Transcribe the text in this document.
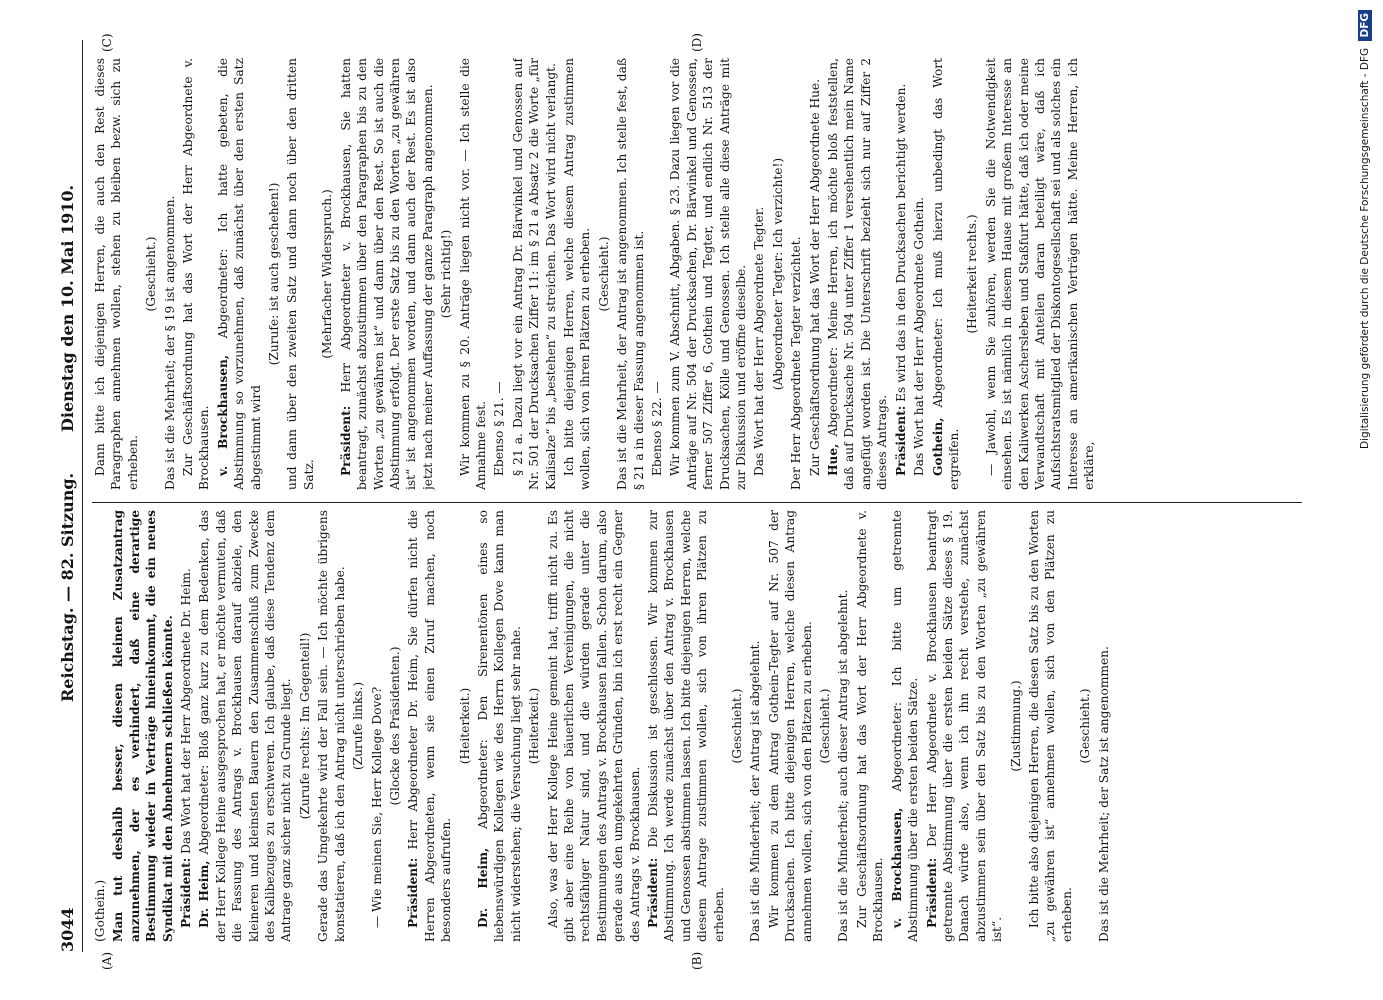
3044
Reichstag. — 82. Sitzung.
Dienstag den 10. Mai 1910.
(A)	(B)
(C)	(D)

(Gothein.) Man tut deshalb besser, diesen kleinen Zusatzantrag anzunehmen, der es verhindert, daß eine derartige Bestimmung wieder in Verträge hineinkommt, die ein neues Syndikat mit den Abnehmern schließen könnte. Präsident: Das Wort hat der Herr Abgeordnete Dr. Heim.

Dr. Heim, Abgeordneter: Bloß ganz kurz zu dem Bedenken, das der Herr Kollege Heine ausgesprochen hat, er möchte vermuten, daß die Fassung des Antrags v. Brockhausen darauf abziele, den kleineren und kleinsten Bauern den Zusammenschluß zum Zwecke des Kalibezuges zu erschweren. Ich glaube, daß diese Tendenz dem Antrage ganz sicher nicht zu Grunde liegt. (Zurufe rechts: Im Gegenteil!) Gerade das Umgekehrte wird der Fall sein. — Ich möchte übrigens konstatieren, daß ich den Antrag nicht unterschrieben habe. (Zurufe links.) — Wie meinen Sie, Herr Kollege Dove? (Glocke des Präsidenten.)

Präsident: Herr Abgeordneter Dr. Heim, Sie dürfen nicht die Herren Abgeordneten, wenn sie einen Zuruf machen, noch besonders aufrufen.

(Heiterkeit.)

Dr. Heim, Abgeordneter: Den Sirenentönen eines so liebenswürdigen Kollegen wie des Herrn Kollegen Dove kann man nicht widerstehen; die Versuchung liegt sehr nahe. (Heiterkeit.) Also, was der Herr Kollege Heine gemeint hat, trifft nicht zu. Es gibt aber eine Reihe von bäuerlichen Vereinigungen, die nicht rechtsfähiger Natur sind, und die würden gerade unter die Bestimmungen des Antrags v. Brockhausen fallen. Schon darum, also gerade aus den umgekehrten Gründen, bin ich erst recht ein Gegner des Antrags v. Brockhausen. Präsident: Die Diskussion ist geschlossen. Wir kommen zur Abstimmung. Ich werde zunächst über den Antrag v. Brockhausen und Genossen abstimmen lassen. Ich bitte diejenigen Herren, welche diesem Antrage zustimmen wollen, sich von ihren Plätzen zu erheben.

(Geschieht.) Das ist die Minderheit; der Antrag ist abgelehnt. Wir kommen zu dem Antrag Gothein-Tegter auf Nr. 507 der Drucksachen. Ich bitte diejenigen Herren, welche diesen Antrag annehmen wollen, sich von den Plätzen zu erheben. (Geschieht.) Das ist die Minderheit; auch dieser Antrag ist abgelehnt. Zur Geschäftsordnung hat das Wort der Herr Abgeordnete v. Brockhausen. v. Brockhausen, Abgeordneter: Ich bitte um getrennte Abstimmung über die ersten beiden Sätze. Präsident: Der Herr Abgeordnete v. Brockhausen beantragt getrennte Abstimmung über die ersten beiden Sätze dieses § 19. Danach würde also, wenn ich ihn recht verstehe, zunächst abzustimmen sein über den Satz bis zu den Worten „zu gewähren ist“.

(Zustimmung.) Ich bitte also diejenigen Herren, die diesen Satz bis zu den Worten „zu gewähren ist“ annehmen wollen, sich von den Plätzen zu erheben.

(Geschieht.) Das ist die Mehrheit; der Satz ist angenommen.

Dann bitte ich diejenigen Herren, die auch den Rest dieses Paragraphen annehmen wollen, stehen zu bleiben bezw. sich zu erheben.

(Geschieht.) Das ist die Mehrheit; der § 19 ist angenommen. Zur Geschäftsordnung hat das Wort der Herr Abgeordnete v. Brockhausen. v. Brockhausen, Abgeordneter: Ich hatte gebeten, die Abstimmung so vorzunehmen, daß zunächst über den ersten Satz abgestimmt wird

(Zurufe: ist auch geschehen!) und dann über den zweiten Satz und dann noch über den dritten Satz.

(Mehrfacher Widerspruch.)

Präsident: Herr Abgeordneter v. Brockhausen, Sie hatten beantragt, zunächst abzustimmen über den Paragraphen bis zu den Worten „zu gewähren ist“ und dann über den Rest. So ist auch die Abstimmung erfolgt. Der erste Satz bis zu den Worten „zu gewähren ist“ ist angenommen worden, und dann auch der Rest. Es ist also jetzt nach meiner Auffassung der ganze Paragraph angenommen. (Sehr richtig!) Wir kommen zu § 20. Anträge liegen nicht vor. — Ich stelle die Annahme fest. Ebenso § 21. — § 21 a. Dazu liegt vor ein Antrag Dr. Bärwinkel und Genossen auf Nr. 501 der Drucksachen Ziffer 11: im § 21 a Absatz 2 die Worte „für Kalisalze“ bis „bestehen“ zu streichen. Das Wort wird nicht verlangt. Ich bitte diejenigen Herren, welche diesem Antrag zustimmen wollen, sich von ihren Plätzen zu erheben. (Geschieht.) Das ist die Mehrheit, der Antrag ist angenommen. Ich stelle fest, daß § 21 a in dieser Fassung angenommen ist. Ebenso § 22. — Wir kommen zum V. Abschnitt, Abgaben. § 23. Dazu liegen vor die Anträge auf Nr. 504 der Drucksachen, Dr. Bärwinkel und Genossen, ferner 507 Ziffer 6, Gothein und Tegter, und endlich Nr. 513 der Drucksachen, Kölle und Genossen. Ich stelle alle diese Anträge mit zur Diskussion und eröffne dieselbe. Das Wort hat der Herr Abgeordnete Tegter. (Abgeordneter Tegter: Ich verzichte!) Der Herr Abgeordnete Tegter verzichtet. Zur Geschäftsordnung hat das Wort der Herr Abgeordnete Hue. Hue, Abgeordneter: Meine Herren, ich möchte bloß feststellen, daß auf Drucksache Nr. 504 unter Ziffer 1 versehentlich mein Name angefügt worden ist. Die Unterschrift bezieht sich nur auf Ziffer 2 dieses Antrags. Präsident: Es wird das in den Drucksachen berichtigt werden. Das Wort hat der Herr Abgeordnete Gothein. Gothein, Abgeordneter: Ich muß hierzu unbedingt das Wort ergreifen.

(Heiterkeit rechts.) — Jawohl, wenn Sie zuhören, werden Sie die Notwendigkeit einsehen. Es ist nämlich in diesem Hause mit großem Interesse an den Kaliwerken Aschersleben und Staßfurt hätte, daß ich oder meine Verwandtschaft mit Anteilen daran beteiligt wäre, daß ich Aufsichtsratsmitglied der Diskontogesellschaft sei und als solches ein Interesse an amerikanischen Verträgen hätte. Meine Herren, ich erkläre,

Digitalisierung gefördert durch die Deutsche Forschungsgemeinschaft - DFG DFG
